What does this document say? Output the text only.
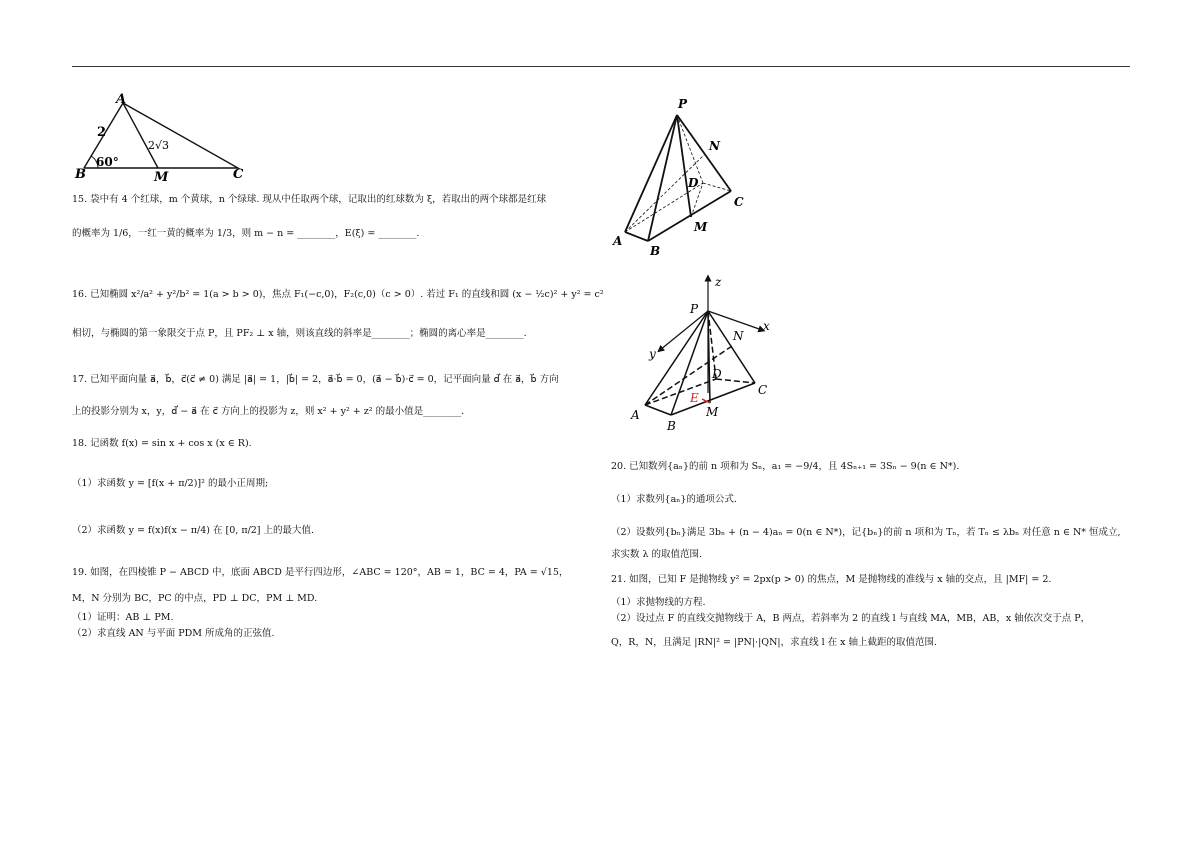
A
B	C
M
2
2√3
60°
15. 袋中有 4 个红球，m 个黄球，n 个绿球. 现从中任取两个球，记取出的红球数为 ξ，若取出的两个球都是红球
的概率为 1/6，一红一黄的概率为 1/3，则 m − n = ________，E(ξ) = ________.
16. 已知椭圆 x²/a² + y²/b² = 1(a > b > 0)，焦点 F₁(−c,0)，F₂(c,0)（c > 0）. 若过 F₁ 的直线和圆 (x − ½c)² + y² = c²
相切，与椭圆的第一象限交于点 P，且 PF₂ ⊥ x 轴，则该直线的斜率是________；椭圆的离心率是________.
17. 已知平面向量 a⃗，b⃗，c⃗(c⃗ ≠ 0) 满足 |a⃗| = 1，|b⃗| = 2，a⃗·b⃗ = 0，(a⃗ − b⃗)·c⃗ = 0，记平面向量 d⃗ 在 a⃗，b⃗ 方向
上的投影分别为 x，y，d⃗ − a⃗ 在 c⃗ 方向上的投影为 z，则 x² + y² + z² 的最小值是________.
18. 记函数 f(x) = sin x + cos x (x ∈ R).
（1）求函数 y = [f(x + π/2)]² 的最小正周期;
（2）求函数 y = f(x)f(x − π/4) 在 [0, π/2] 上的最大值.
19. 如图，在四棱锥 P − ABCD 中，底面 ABCD 是平行四边形，∠ABC = 120°，AB = 1，BC = 4，PA = √15，
M，N 分别为 BC，PC 的中点，PD ⊥ DC，PM ⊥ MD.
（1）证明：AB ⊥ PM.
（2）求直线 AN 与平面 PDM 所成角的正弦值.
P
N
D
C
M
A
B
z
x
y
P
N
D
C
E
M
A
B
20. 已知数列{aₙ}的前 n 项和为 Sₙ，a₁ = −9/4，且 4Sₙ₊₁ = 3Sₙ − 9(n ∈ N*).
（1）求数列{aₙ}的通项公式.
（2）设数列{bₙ}满足 3bₙ + (n − 4)aₙ = 0(n ∈ N*)，记{bₙ}的前 n 项和为 Tₙ，若 Tₙ ≤ λbₙ 对任意 n ∈ N* 恒成立,
求实数 λ 的取值范围.
21. 如图，已知 F 是抛物线 y² = 2px(p > 0) 的焦点，M 是抛物线的准线与 x 轴的交点，且 |MF| = 2.
（1）求抛物线的方程.
（2）设过点 F 的直线交抛物线于 A，B 两点，若斜率为 2 的直线 l 与直线 MA，MB，AB，x 轴依次交于点 P，
Q，R，N，且满足 |RN|² = |PN|·|QN|，求直线 l 在 x 轴上截距的取值范围.
